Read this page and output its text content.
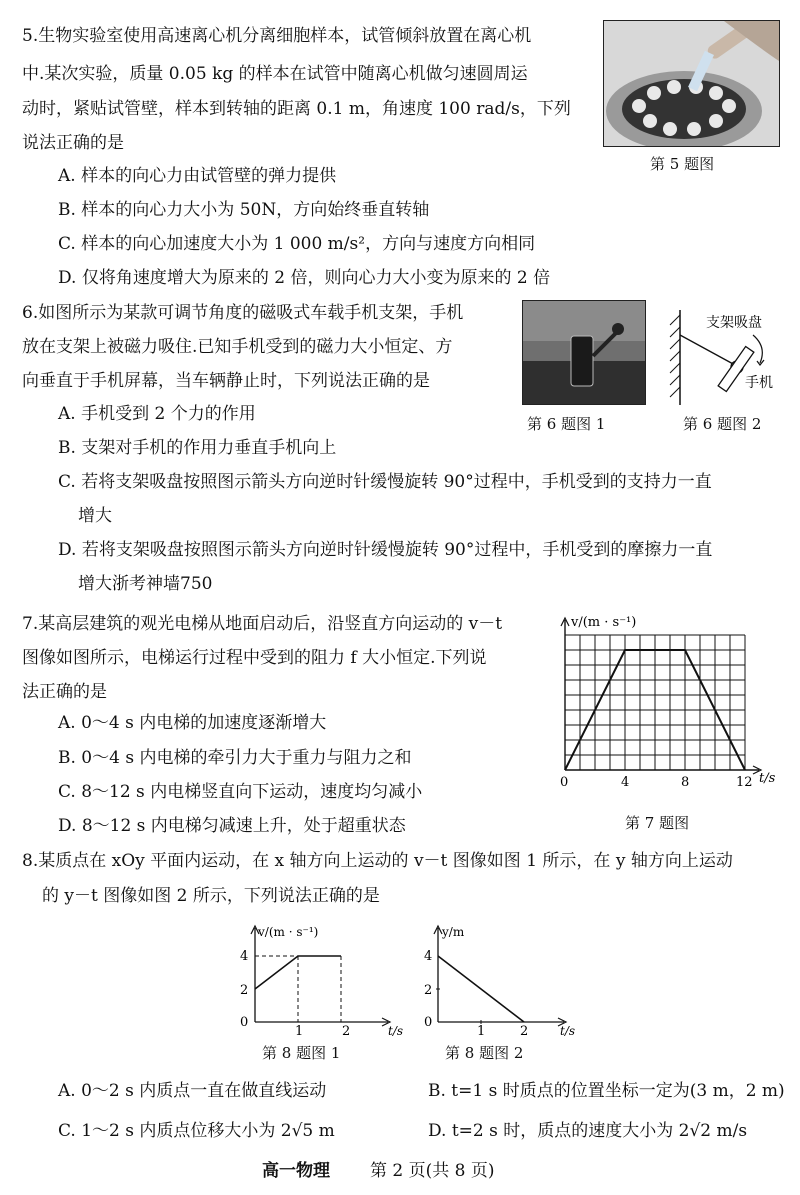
5.生物实验室使用高速离心机分离细胞样本，试管倾斜放置在离心机
中.某次实验，质量 0.05 kg 的样本在试管中随离心机做匀速圆周运
动时，紧贴试管壁，样本到转轴的距离 0.1 m，角速度 100 rad/s，下列
说法正确的是
A. 样本的向心力由试管壁的弹力提供
B. 样本的向心力大小为 50N，方向始终垂直转轴
C. 样本的向心加速度大小为 1 000 m/s²，方向与速度方向相同
D. 仅将角速度增大为原来的 2 倍，则向心力大小变为原来的 2 倍
第 5 题图
6.如图所示为某款可调节角度的磁吸式车载手机支架，手机
放在支架上被磁力吸住.已知手机受到的磁力大小恒定、方
向垂直于手机屏幕，当车辆静止时，下列说法正确的是
A. 手机受到 2 个力的作用
B. 支架对手机的作用力垂直手机向上
C. 若将支架吸盘按照图示箭头方向逆时针缓慢旋转 90°过程中，手机受到的支持力一直
增大
D. 若将支架吸盘按照图示箭头方向逆时针缓慢旋转 90°过程中，手机受到的摩擦力一直
增大浙考神墙750
第 6 题图 1
支架吸盘
手机
第 6 题图 2
7.某高层建筑的观光电梯从地面启动后，沿竖直方向运动的 v－t
图像如图所示，电梯运行过程中受到的阻力 f 大小恒定.下列说
法正确的是
A. 0～4 s 内电梯的加速度逐渐增大
B. 0～4 s 内电梯的牵引力大于重力与阻力之和
C. 8～12 s 内电梯竖直向下运动，速度均匀减小
D. 8～12 s 内电梯匀减速上升，处于超重状态
v/(m · s⁻¹)
t/s
0	4	8	12
第 7 题图
8.某质点在 xOy 平面内运动，在 x 轴方向上运动的 v－t 图像如图 1 所示，在 y 轴方向上运动
的 y－t 图像如图 2 所示，下列说法正确的是
v/(m · s⁻¹)
t/s
4
2
0
1	2
第 8 题图 1
y/m
t/s
4
2
0
1	2
第 8 题图 2
A. 0～2 s 内质点一直在做直线运动	B. t=1 s 时质点的位置坐标一定为(3 m，2 m)
C. 1～2 s 内质点位移大小为 2√5 m	D. t=2 s 时，质点的速度大小为 2√2 m/s
高一物理 第 2 页(共 8 页)
